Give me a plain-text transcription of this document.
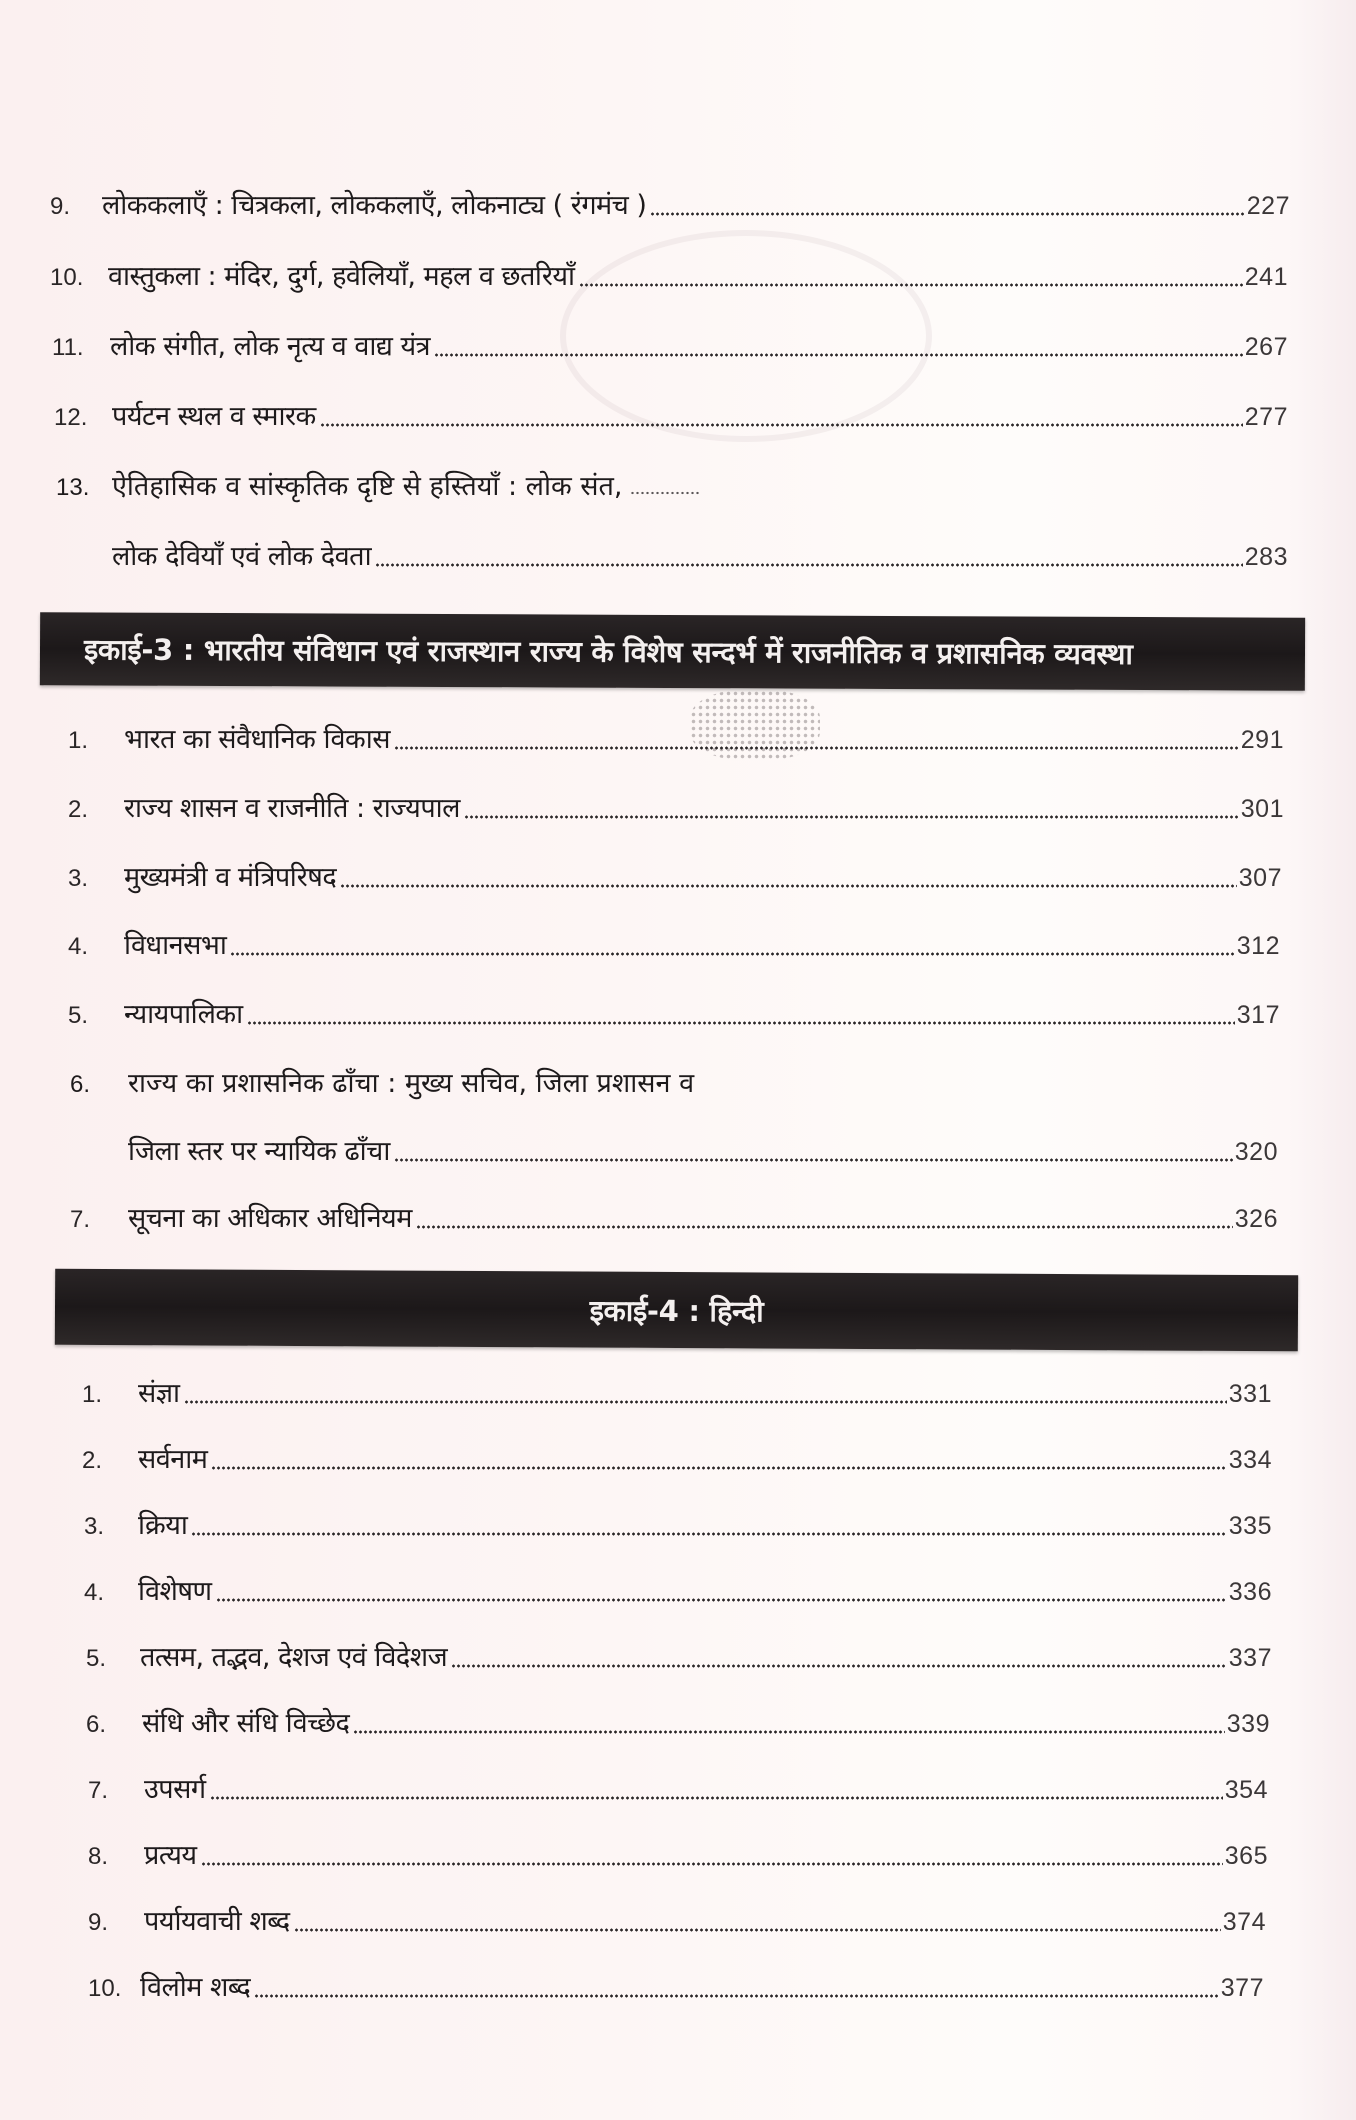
9.	लोककलाएँ : चित्रकला, लोककलाएँ, लोकनाट्य ( रंगमंच )	227
10. वास्तुकला : मंदिर, दुर्ग, हवेलियाँ, महल व छतरियाँ	241
11. लोक संगीत, लोक नृत्य व वाद्य यंत्र	267
12. पर्यटन स्थल व स्मारक	277
13. ऐतिहासिक व सांस्कृतिक दृष्टि से हस्तियाँ : लोक संत,
लोक देवियाँ एवं लोक देवता	283
इकाई-3 : भारतीय संविधान एवं राजस्थान राज्य के विशेष सन्दर्भ में राजनीतिक व प्रशासनिक व्यवस्था
1.	भारत का संवैधानिक विकास	291
2.	राज्य शासन व राजनीति : राज्यपाल	301
3.	मुख्यमंत्री व मंत्रिपरिषद	307
4.	विधानसभा	312
5.	न्यायपालिका	317
6.	राज्य का प्रशासनिक ढाँचा : मुख्य सचिव, जिला प्रशासन व
जिला स्तर पर न्यायिक ढाँचा	320
7.	सूचना का अधिकार अधिनियम	326
इकाई-4 : हिन्दी
1.	संज्ञा	331
2.	सर्वनाम	334
3.	क्रिया	335
4.	विशेषण	336
5.	तत्सम, तद्भव, देशज एवं विदेशज	337
6.	संधि और संधि विच्छेद	339
7.	उपसर्ग	354
8.	प्रत्यय	365
9.	पर्यायवाची शब्द	374
10. विलोम शब्द	377
